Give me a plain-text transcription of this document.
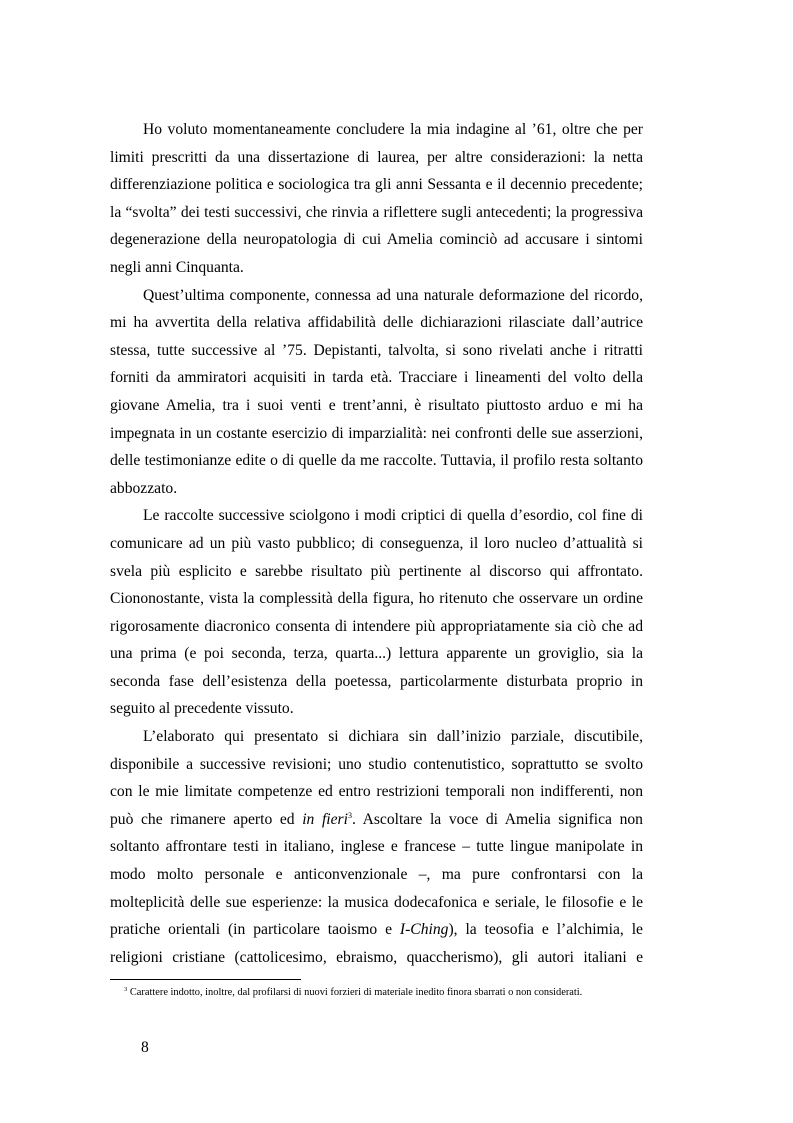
Ho voluto momentaneamente concludere la mia indagine al ’61, oltre che per limiti prescritti da una dissertazione di laurea, per altre considerazioni: la netta differenziazione politica e sociologica tra gli anni Sessanta e il decennio precedente; la “svolta” dei testi successivi, che rinvia a riflettere sugli antecedenti; la progressiva degenerazione della neuropatologia di cui Amelia cominciò ad accusare i sintomi negli anni Cinquanta.

Quest’ultima componente, connessa ad una naturale deformazione del ricordo, mi ha avvertita della relativa affidabilità delle dichiarazioni rilasciate dall’autrice stessa, tutte successive al ’75. Depistanti, talvolta, si sono rivelati anche i ritratti forniti da ammiratori acquisiti in tarda età. Tracciare i lineamenti del volto della giovane Amelia, tra i suoi venti e trent’anni, è risultato piuttosto arduo e mi ha impegnata in un costante esercizio di imparzialità: nei confronti delle sue asserzioni, delle testimonianze edite o di quelle da me raccolte. Tuttavia, il profilo resta soltanto abbozzato.

Le raccolte successive sciolgono i modi criptici di quella d’esordio, col fine di comunicare ad un più vasto pubblico; di conseguenza, il loro nucleo d’attualità si svela più esplicito e sarebbe risultato più pertinente al discorso qui affrontato. Ciononostante, vista la complessità della figura, ho ritenuto che osservare un ordine rigorosamente diacronico consenta di intendere più appropriatamente sia ciò che ad una prima (e poi seconda, terza, quarta...) lettura apparente un groviglio, sia la seconda fase dell’esistenza della poetessa, particolarmente disturbata proprio in seguito al precedente vissuto.

L’elaborato qui presentato si dichiara sin dall’inizio parziale, discutibile, disponibile a successive revisioni; uno studio contenutistico, soprattutto se svolto con le mie limitate competenze ed entro restrizioni temporali non indifferenti, non può che rimanere aperto ed in fieri$^3$. Ascoltare la voce di Amelia significa non soltanto affrontare testi in italiano, inglese e francese – tutte lingue manipolate in modo molto personale e anticonvenzionale –, ma pure confrontarsi con la molteplicità delle sue esperienze: la musica dodecafonica e seriale, le filosofie e le pratiche orientali (in particolare taoismo e I-Ching), la teosofia e l’alchimia, le religioni cristiane (cattolicesimo, ebraismo, quaccherismo), gli autori italiani e

$^3$ Carattere indotto, inoltre, dal profilarsi di nuovi forzieri di materiale inedito finora sbarrati o non considerati.

8
